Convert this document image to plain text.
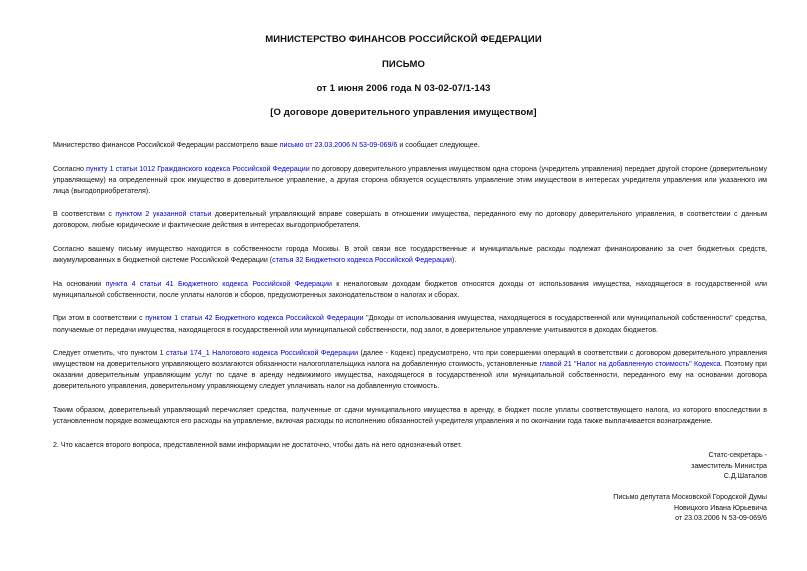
МИНИСТЕРСТВО ФИНАНСОВ РОССИЙСКОЙ ФЕДЕРАЦИИ
ПИСЬМО
от 1 июня 2006 года N 03-02-07/1-143
[О договоре доверительного управления имуществом]

Министерство финансов Российской Федерации рассмотрело ваше письмо от 23.03.2006 N 53-09-069/6 и сообщает следующее.

Согласно пункту 1 статьи 1012 Гражданского кодекса Российской Федерации по договору доверительного управления имуществом одна сторона (учредитель управления) передает другой стороне (доверительному управляющему) на определенный срок имущество в доверительное управление, а другая сторона обязуется осуществлять управление этим имуществом в интересах учредителя управления или указанного им лица (выгодоприобретателя).

В соответствии с пунктом 2 указанной статьи доверительный управляющий вправе совершать в отношении имущества, переданного ему по договору доверительного управления, в соответствии с данным договором, любые юридические и фактические действия в интересах выгодоприобретателя.

Согласно вашему письму имущество находится в собственности города Москвы. В этой связи все государственные и муниципальные расходы подлежат финансированию за счет бюджетных средств, аккумулированных в бюджетной системе Российской Федерации (статья 32 Бюджетного кодекса Российской Федерации).

На основании пункта 4 статьи 41 Бюджетного кодекса Российской Федерации к неналоговым доходам бюджетов относятся доходы от использования имущества, находящегося в государственной или муниципальной собственности, после уплаты налогов и сборов, предусмотренных законодательством о налогах и сборах.

При этом в соответствии с пунктом 1 статьи 42 Бюджетного кодекса Российской Федерации "Доходы от использования имущества, находящегося в государственной или муниципальной собственности" средства, получаемые от передачи имущества, находящегося в государственной или муниципальной собственности, под залог, в доверительное управление учитываются в доходах бюджетов.

Следует отметить, что пунктом 1 статьи 174_1 Налогового кодекса Российской Федерации (далее - Кодекс) предусмотрено, что при совершении операций в соответствии с договором доверительного управления имуществом на доверительного управляющего возлагаются обязанности налогоплательщика налога на добавленную стоимость, установленные главой 21 "Налог на добавленную стоимость" Кодекса. Поэтому при оказании доверительным управляющим услуг по сдаче в аренду недвижимого имущества, находящегося в государственной или муниципальной собственности, переданного ему на основании договора доверительного управления, доверительному управляющему следует уплачивать налог на добавленную стоимость.

Таким образом, доверительный управляющий перечисляет средства, полученные от сдачи муниципального имущества в аренду, в бюджет после уплаты соответствующего налога, из которого впоследствии в установленном порядке возмещаются его расходы на управление, включая расходы по исполнению обязанностей учредителя управления и по окончании года также выплачивается вознаграждение.

2. Что касается второго вопроса, представленной вами информации не достаточно, чтобы дать на него однозначный ответ.

Статс-секретарь -
заместитель Министра
С.Д.Шаталов
Письмо депутата Московской Городской Думы
Новицкого Ивана Юрьевича
от 23.03.2006 N 53-09-069/6
